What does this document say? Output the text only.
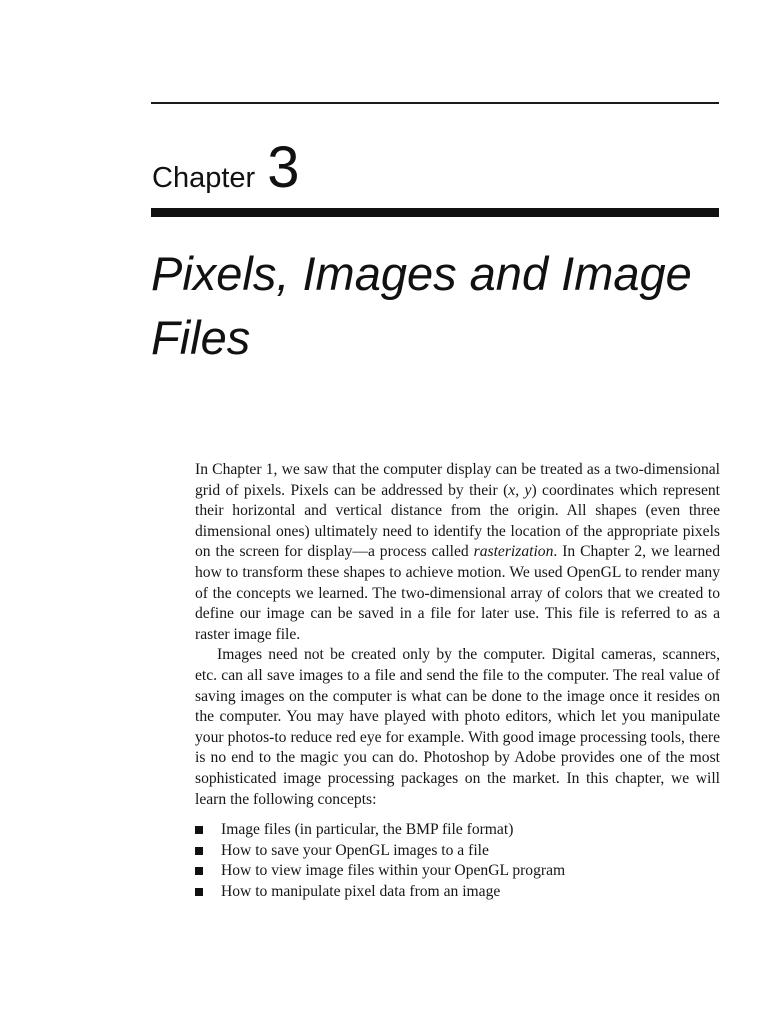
Chapter 3
Pixels, Images and Image Files

In Chapter 1, we saw that the computer display can be treated as a two-dimensional grid of pixels. Pixels can be addressed by their (x, y) coordinates which represent their horizontal and vertical distance from the origin. All shapes (even three dimensional ones) ultimately need to identify the location of the appropriate pixels on the screen for display—a process called rasterization. In Chapter 2, we learned how to transform these shapes to achieve motion. We used OpenGL to render many of the concepts we learned. The two-dimensional array of colors that we created to define our image can be saved in a file for later use. This file is referred to as a raster image file.

Images need not be created only by the computer. Digital cameras, scanners, etc. can all save images to a file and send the file to the computer. The real value of saving images on the computer is what can be done to the image once it resides on the computer. You may have played with photo editors, which let you manipulate your photos-to reduce red eye for example. With good image processing tools, there is no end to the magic you can do. Photoshop by Adobe provides one of the most sophisticated image processing packages on the market. In this chapter, we will learn the following concepts:

Image files (in particular, the BMP file format)
How to save your OpenGL images to a file
How to view image files within your OpenGL program
How to manipulate pixel data from an image
